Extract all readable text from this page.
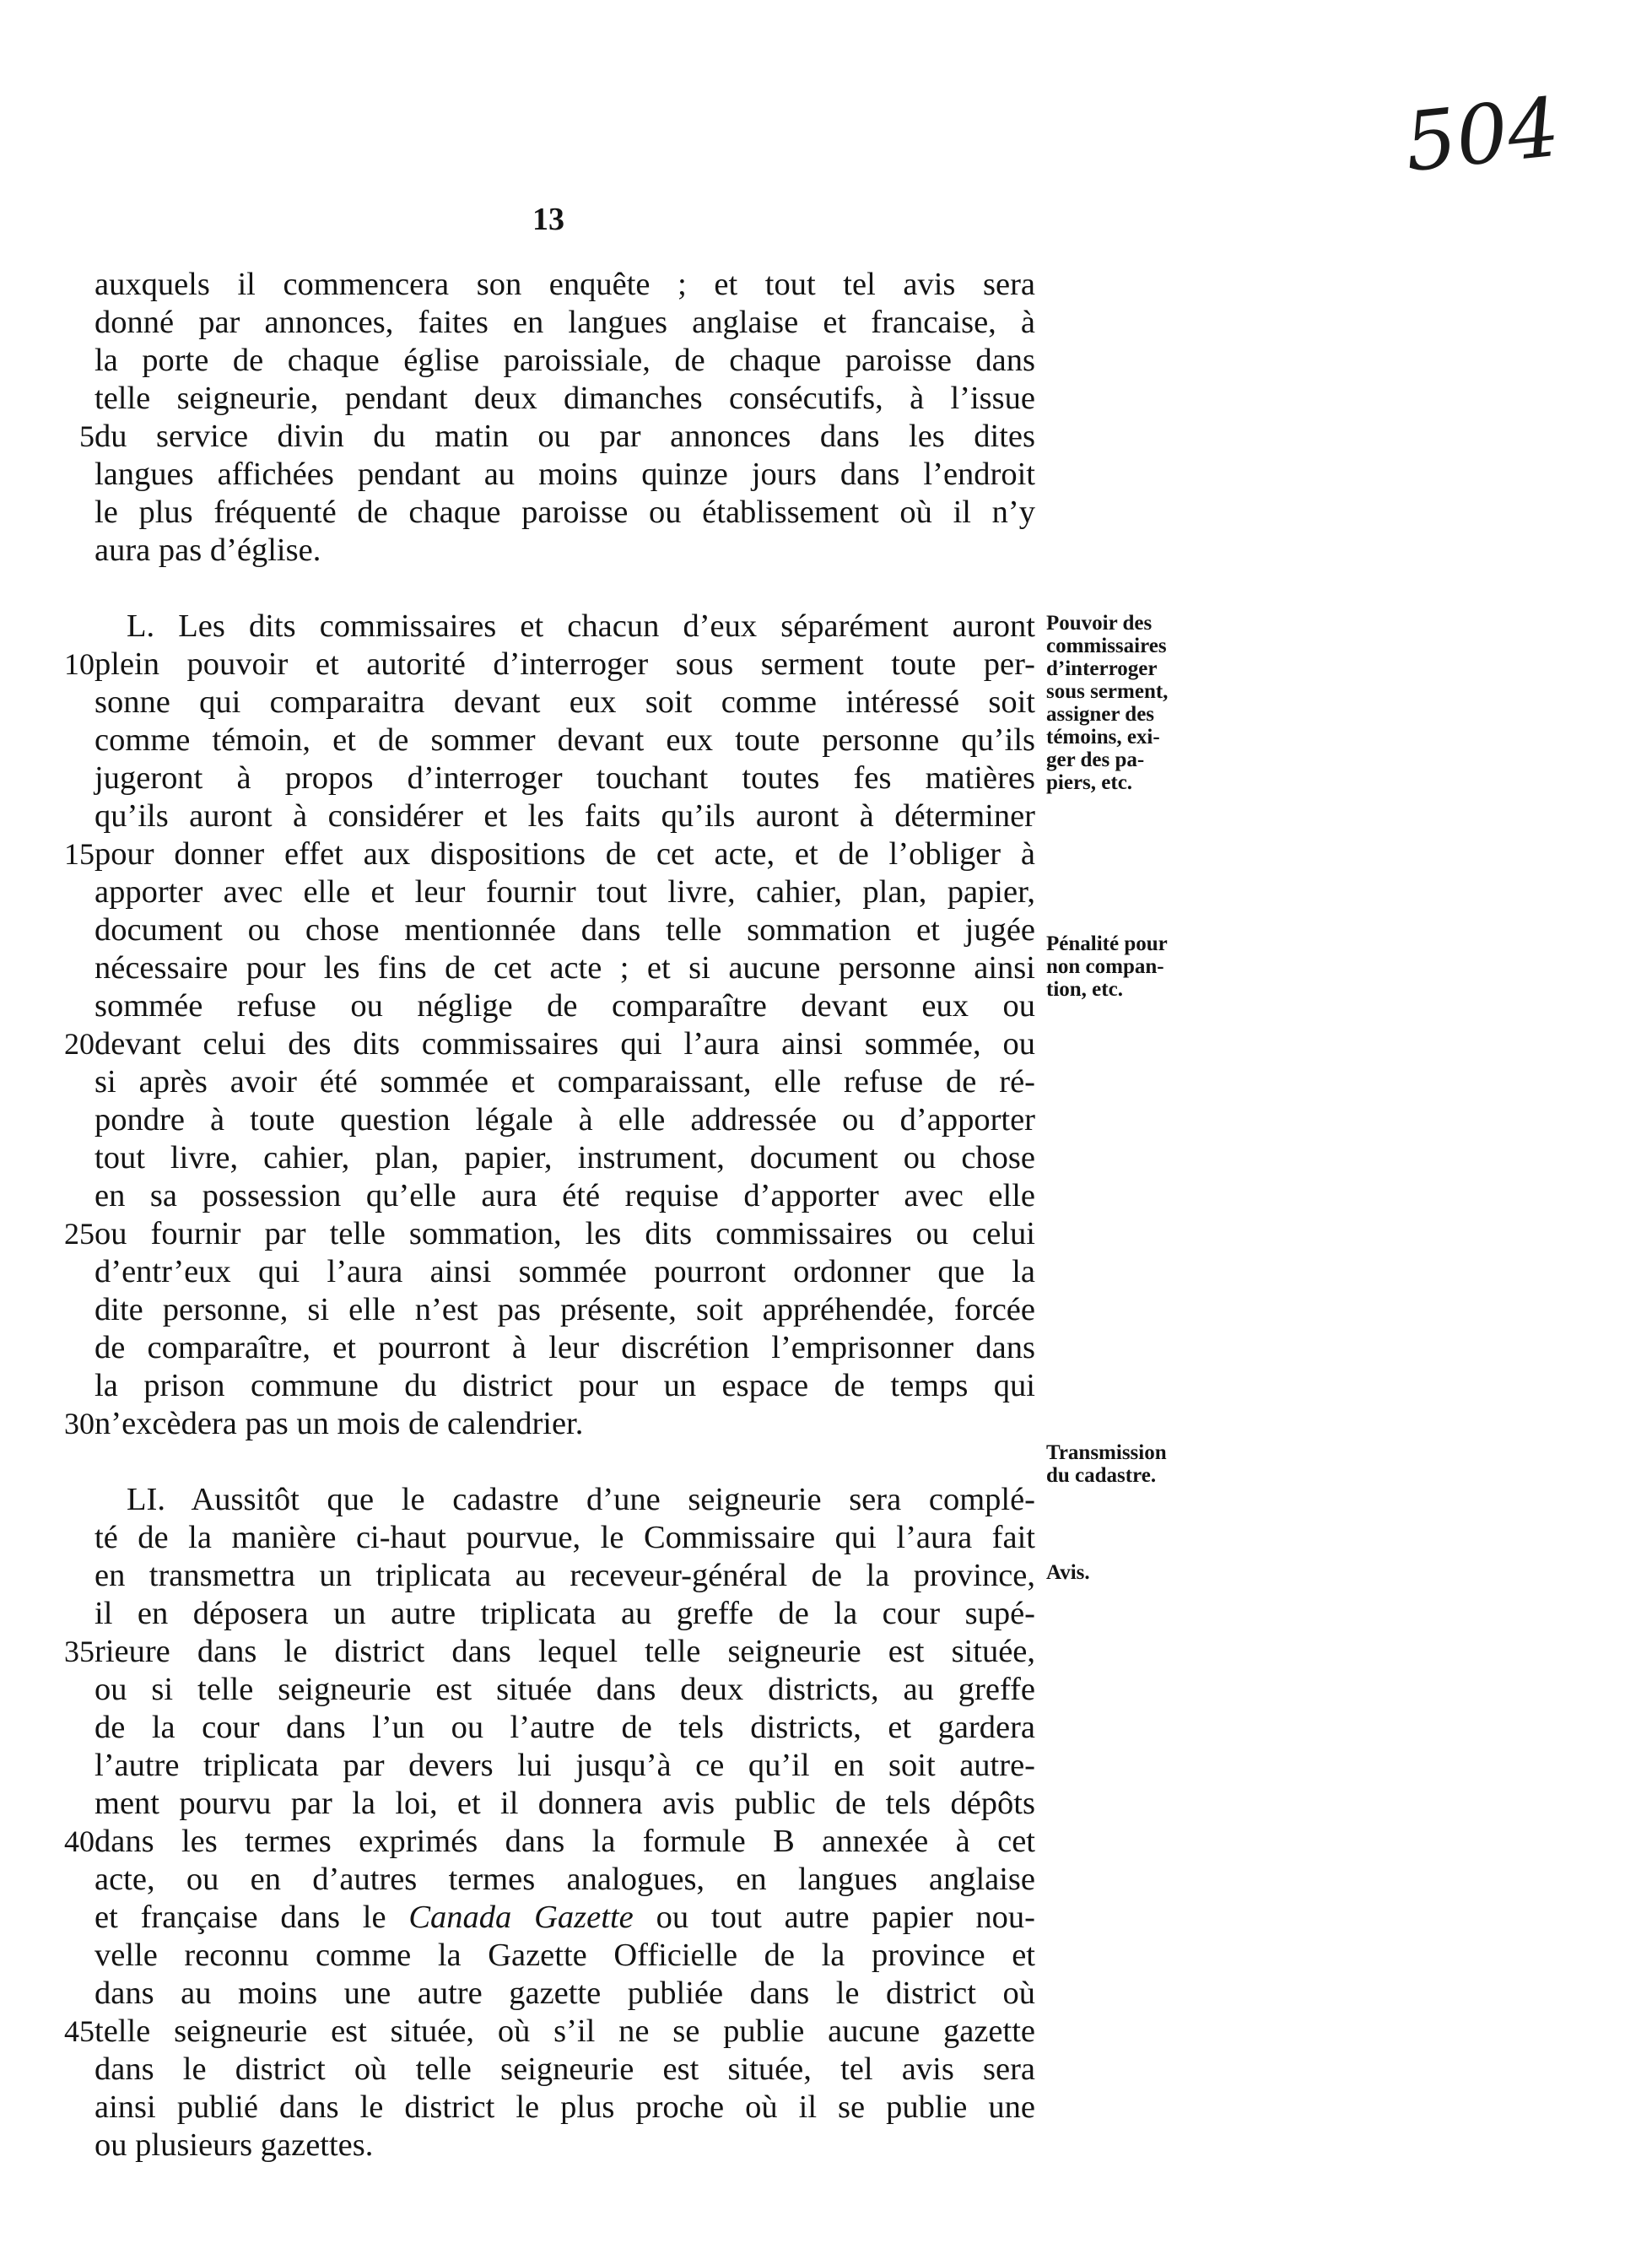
504
13
auxquels il commencera son enquête ; et tout tel avis sera
donné par annonces, faites en langues anglaise et francaise, à
la porte de chaque église paroissiale, de chaque paroisse dans
telle seigneurie, pendant deux dimanches consécutifs, à l’issue
du service divin du matin ou par annonces dans les dites
5
langues affichées pendant au moins quinze jours dans l’endroit
le plus fréquenté de chaque paroisse ou établissement où il n’y
aura pas d’église.
L. Les dits commissaires et chacun d’eux séparément auront
plein pouvoir et autorité d’interroger sous serment toute per-
10
sonne qui comparaitra devant eux soit comme intéressé soit
comme témoin, et de sommer devant eux toute personne qu’ils
jugeront à propos d’interroger touchant toutes fes matières
qu’ils auront à considérer et les faits qu’ils auront à déterminer
pour donner effet aux dispositions de cet acte, et de l’obliger à
15
apporter avec elle et leur fournir tout livre, cahier, plan, papier,
document ou chose mentionnée dans telle sommation et jugée
nécessaire pour les fins de cet acte ; et si aucune personne ainsi
sommée refuse ou néglige de comparaître devant eux ou
devant celui des dits commissaires qui l’aura ainsi sommée, ou
20
si après avoir été sommée et comparaissant, elle refuse de ré-
pondre à toute question légale à elle addressée ou d’apporter
tout livre, cahier, plan, papier, instrument, document ou chose
en sa possession qu’elle aura été requise d’apporter avec elle
ou fournir par telle sommation, les dits commissaires ou celui
25
d’entr’eux qui l’aura ainsi sommée pourront ordonner que la
dite personne, si elle n’est pas présente, soit appréhendée, forcée
de comparaître, et pourront à leur discrétion l’emprisonner dans
la prison commune du district pour un espace de temps qui
n’excèdera pas un mois de calendrier.
30
LI. Aussitôt que le cadastre d’une seigneurie sera complé-
té de la manière ci-haut pourvue, le Commissaire qui l’aura fait
en transmettra un triplicata au receveur-général de la province,
il en déposera un autre triplicata au greffe de la cour supé-
rieure dans le district dans lequel telle seigneurie est située,
35
ou si telle seigneurie est située dans deux districts, au greffe
de la cour dans l’un ou l’autre de tels districts, et gardera
l’autre triplicata par devers lui jusqu’à ce qu’il en soit autre-
ment pourvu par la loi, et il donnera avis public de tels dépôts
dans les termes exprimés dans la formule B annexée à cet
40
acte, ou en d’autres termes analogues, en langues anglaise
et française dans le Canada Gazette ou tout autre papier nou-
velle reconnu comme la Gazette Officielle de la province et
dans au moins une autre gazette publiée dans le district où
telle seigneurie est située, où s’il ne se publie aucune gazette
45
dans le district où telle seigneurie est située, tel avis sera
ainsi publié dans le district le plus proche où il se publie une
ou plusieurs gazettes.
Pouvoir des
commissaires
d’interroger
sous serment,
assigner des
témoins, exi-
ger des pa-
piers, etc.
Pénalité pour
non compan-
tion, etc.
Transmission
du cadastre.
Avis.
